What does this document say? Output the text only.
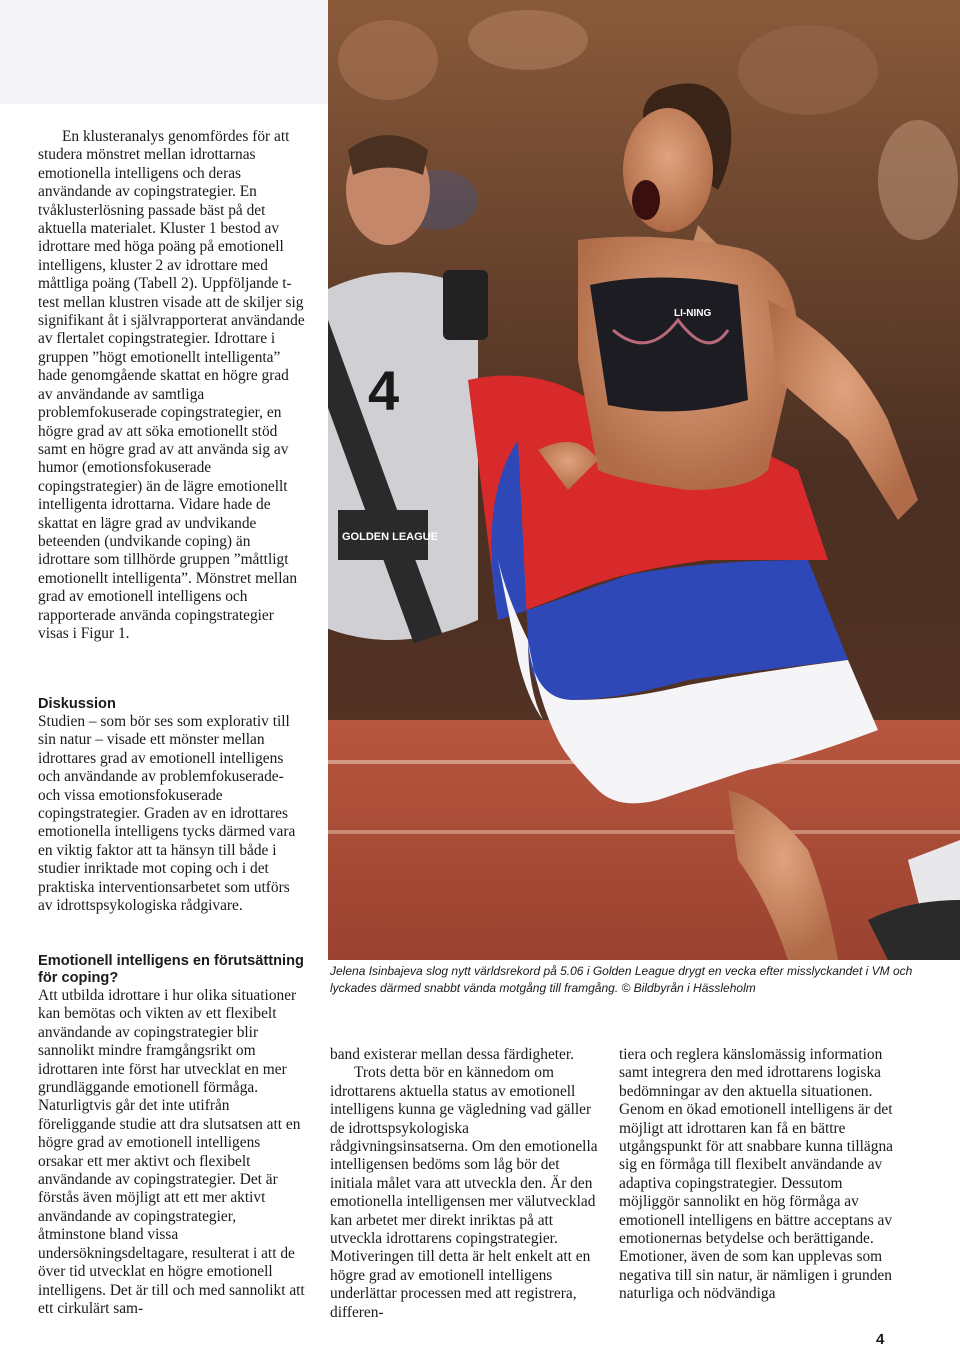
En klusteranalys genomfördes för att studera mönstret mellan idrottarnas emotionella intelligens och deras användande av copingstrategier. En tvåklusterlösning passade bäst på det aktuella materialet. Kluster 1 bestod av idrottare med höga poäng på emotionell intelligens, kluster 2 av idrottare med måttliga poäng (Tabell 2). Uppföljande t-test mellan klustren visade att de skiljer sig signifikant åt i självrapporterat användande av flertalet copingstrategier. Idrottare i gruppen ”högt emotionellt intelligenta” hade genomgående skattat en högre grad av användande av samtliga problemfokuserade copingstrategier, en högre grad av att söka emotionellt stöd samt en högre grad av att använda sig av humor (emotionsfokuserade copingstrategier) än de lägre emotionellt intelligenta idrottarna. Vidare hade de skattat en lägre grad av undvikande beteenden (undvikande coping) än idrottare som tillhörde gruppen ”måttligt emotionellt intelligenta”. Mönstret mellan grad av emotionell intelligens och rapporterade använda copingstrategier visas i Figur 1.

Diskussion

Studien – som bör ses som explorativ till sin natur – visade ett mönster mellan idrottares grad av emotionell intelligens och användande av problemfokuserade- och vissa emotionsfokuserade copingstrategier. Graden av en idrottares emotionella intelligens tycks därmed vara en viktig faktor att ta hänsyn till både i studier inriktade mot coping och i det praktiska interventionsarbetet som utförs av idrottspsykologiska rådgivare.

Emotionell intelligens en förutsättning för coping?

Att utbilda idrottare i hur olika situationer kan bemötas och vikten av ett flexibelt användande av copingstrategier blir sannolikt mindre framgångsrikt om idrottaren inte först har utvecklat en mer grundläggande emotionell förmåga. Naturligtvis går det inte utifrån föreliggande studie att dra slutsatsen att en högre grad av emotionell intelligens orsakar ett mer aktivt och flexibelt användande av copingstrategier. Det är förstås även möjligt att ett mer aktivt användande av copingstrategier, åtminstone bland vissa undersökningsdeltagare, resulterat i att de över tid utvecklat en högre emotionell intelligens. Det är till och med sannolikt att ett cirkulärt sam-

4
GOLDEN LEAGUE
LI-NING
Jelena Isinbajeva slog nytt världsrekord på 5.06 i Golden League drygt en vecka efter misslyckandet i VM och lyckades därmed snabbt vända motgång till framgång. © Bildbyrån i Hässleholm

band existerar mellan dessa färdigheter.

Trots detta bör en kännedom om idrottarens aktuella status av emotionell intelligens kunna ge vägledning vad gäller de idrottspsykologiska rådgivningsinsatserna. Om den emotionella intelligensen bedöms som låg bör det initiala målet vara att utveckla den. Är den emotionella intelligensen mer välutvecklad kan arbetet mer direkt inriktas på att utveckla idrottarens copingstrategier. Motiveringen till detta är helt enkelt att en högre grad av emotionell intelligens underlättar processen med att registrera, differen-

tiera och reglera känslomässig information samt integrera den med idrottarens logiska bedömningar av den aktuella situationen. Genom en ökad emotionell intelligens är det möjligt att idrottaren kan få en bättre utgångspunkt för att snabbare kunna tillägna sig en förmåga till flexibelt användande av adaptiva copingstrategier. Dessutom möjliggör sannolikt en hög förmåga av emotionell intelligens en bättre acceptans av emotionernas betydelse och berättigande. Emotioner, även de som kan upplevas som negativa till sin natur, är nämligen i grunden naturliga och nödvändiga

4
